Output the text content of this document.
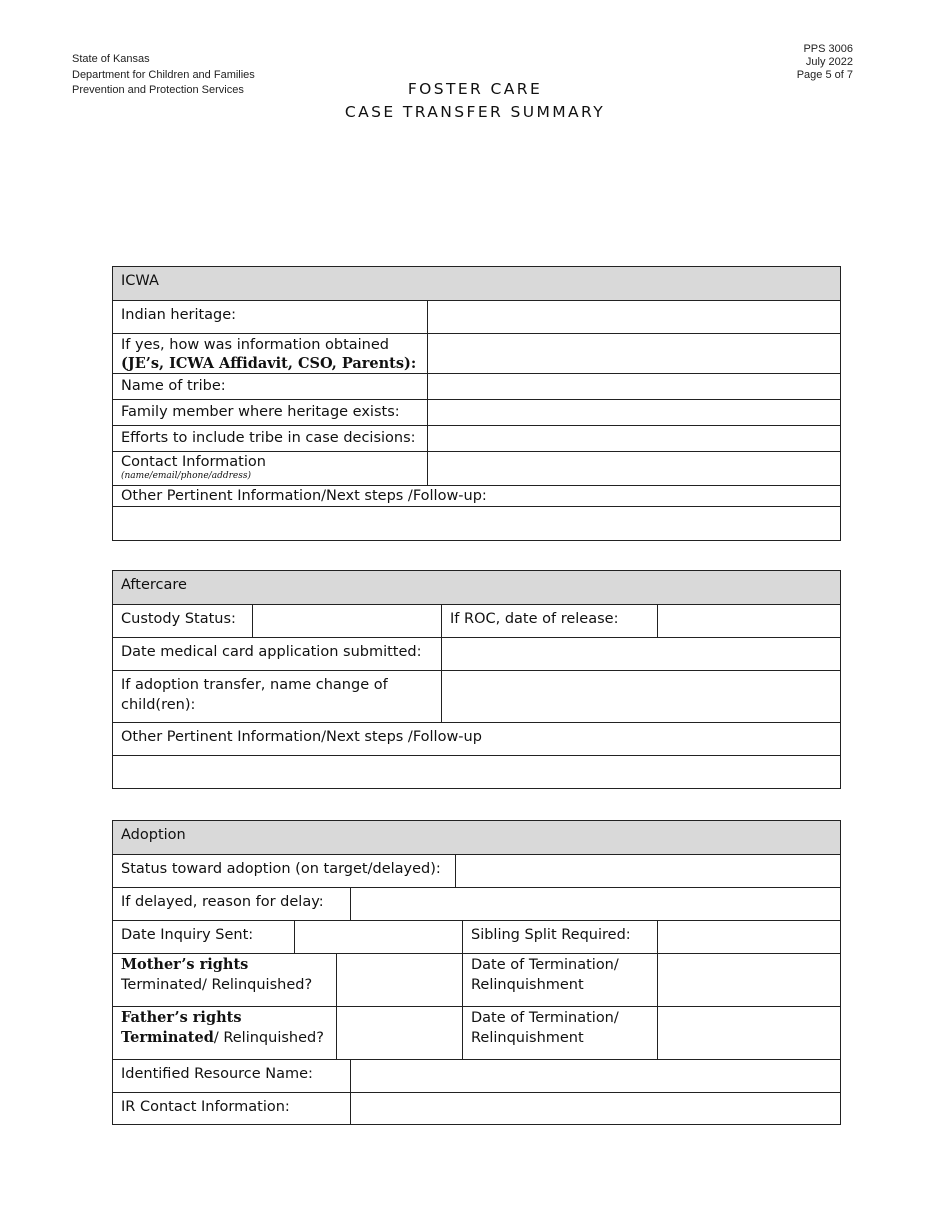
State of Kansas
Department for Children and Families
Prevention and Protection Services
PPS 3006
July 2022
Page 5 of 7
FOSTER CARE
CASE TRANSFER SUMMARY
ICWA
Indian heritage:
If yes, how was information obtained
(JE’s, ICWA Affidavit, CSO, Parents):
Name of tribe:
Family member where heritage exists:
Efforts to include tribe in case decisions:
Contact Information
(name/email/phone/address)
Other Pertinent Information/Next steps /Follow-up:
Aftercare
Custody Status:	If ROC, date of release:
Date medical card application submitted:
If adoption transfer, name change of child(ren):
Other Pertinent Information/Next steps /Follow-up
Adoption
Status toward adoption (on target/delayed):
If delayed, reason for delay:
Date Inquiry Sent:	Sibling Split Required:
Mother’s rights
Terminated/ Relinquished?
Date of Termination/ Relinquishment
Father’s rights Terminated/ Relinquished?
Date of Termination/ Relinquishment
Identified Resource Name:
IR Contact Information:
